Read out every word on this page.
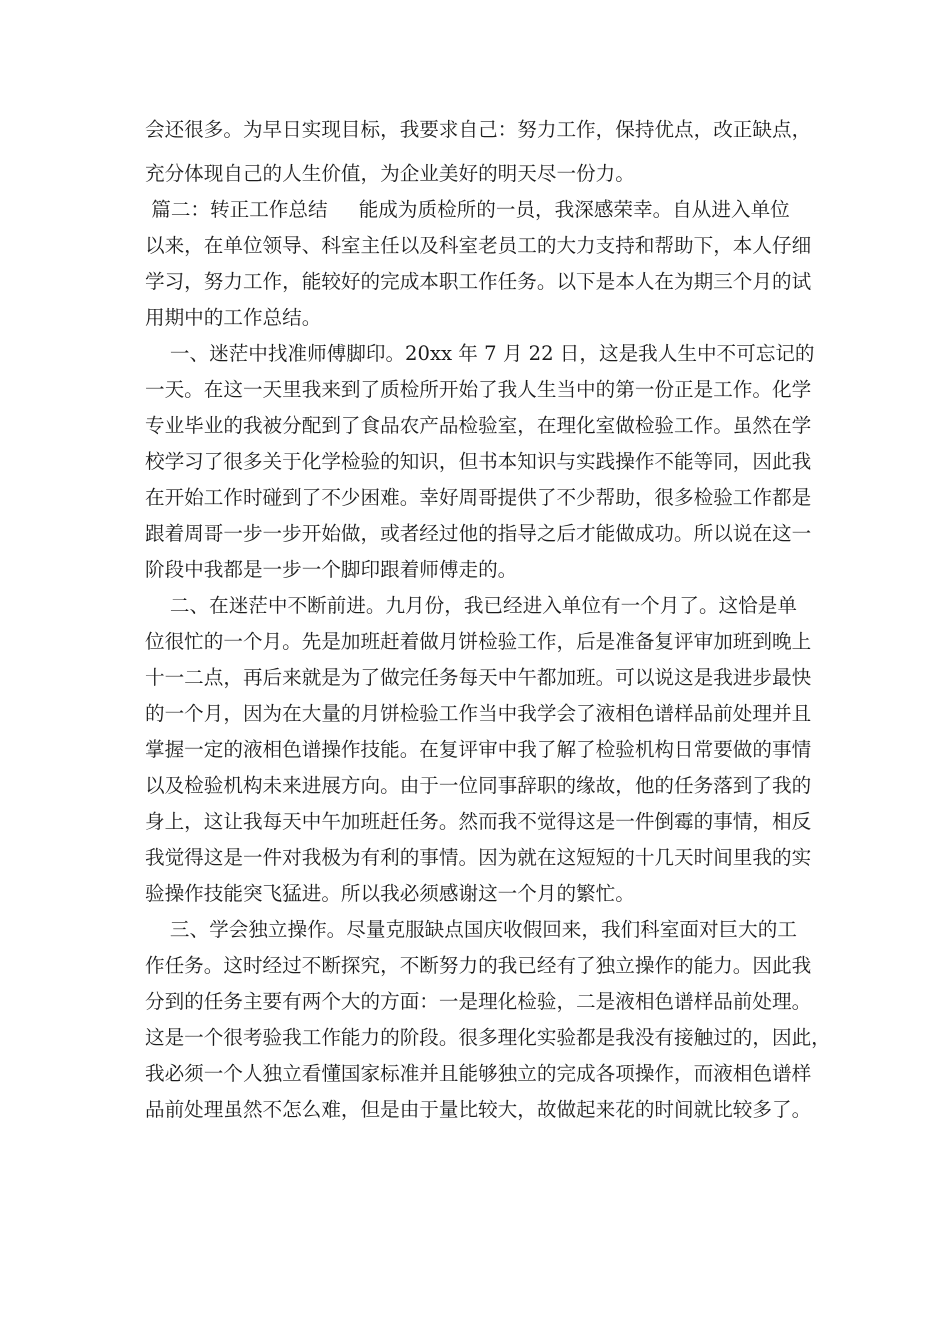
会还很多。为早日实现目标，我要求自己：努力工作，保持优点，改正缺点，

充分体现自己的人生价值，为企业美好的明天尽一份力。

篇二：转正工作总结     能成为质检所的一员，我深感荣幸。自从进入单位

以来，在单位领导、科室主任以及科室老员工的大力支持和帮助下，本人仔细

学习，努力工作，能较好的完成本职工作任务。以下是本人在为期三个月的试

用期中的工作总结。

一、迷茫中找准师傅脚印。20xx 年 7 月 22 日，这是我人生中不可忘记的

一天。在这一天里我来到了质检所开始了我人生当中的第一份正是工作。化学

专业毕业的我被分配到了食品农产品检验室，在理化室做检验工作。虽然在学

校学习了很多关于化学检验的知识，但书本知识与实践操作不能等同，因此我

在开始工作时碰到了不少困难。幸好周哥提供了不少帮助，很多检验工作都是

跟着周哥一步一步开始做，或者经过他的指导之后才能做成功。所以说在这一

阶段中我都是一步一个脚印跟着师傅走的。

二、在迷茫中不断前进。九月份，我已经进入单位有一个月了。这恰是单

位很忙的一个月。先是加班赶着做月饼检验工作，后是准备复评审加班到晚上

十一二点，再后来就是为了做完任务每天中午都加班。可以说这是我进步最快

的一个月，因为在大量的月饼检验工作当中我学会了液相色谱样品前处理并且

掌握一定的液相色谱操作技能。在复评审中我了解了检验机构日常要做的事情

以及检验机构未来进展方向。由于一位同事辞职的缘故，他的任务落到了我的

身上，这让我每天中午加班赶任务。然而我不觉得这是一件倒霉的事情，相反

我觉得这是一件对我极为有利的事情。因为就在这短短的十几天时间里我的实

验操作技能突飞猛进。所以我必须感谢这一个月的繁忙。

三、学会独立操作。尽量克服缺点国庆收假回来，我们科室面对巨大的工

作任务。这时经过不断探究，不断努力的我已经有了独立操作的能力。因此我

分到的任务主要有两个大的方面：一是理化检验，二是液相色谱样品前处理。

这是一个很考验我工作能力的阶段。很多理化实验都是我没有接触过的，因此，

我必须一个人独立看懂国家标准并且能够独立的完成各项操作，而液相色谱样

品前处理虽然不怎么难，但是由于量比较大，故做起来花的时间就比较多了。
